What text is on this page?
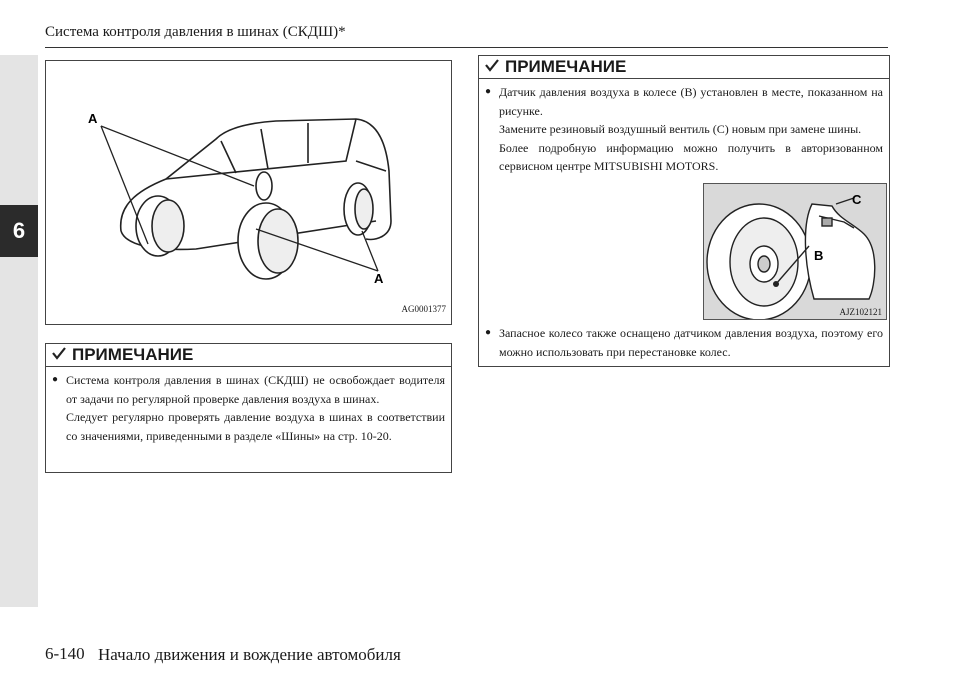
6
Система контроля давления в шинах (СКДШ)*
A
A
AG0001377
ПРИМЕЧАНИЕ
● Система контроля давления в шинах (СКДШ) не освобождает водителя от задачи по регулярной проверке давления воздуха в шинах.
Следует регулярно проверять давление воздуха в шинах в соответствии со значениями, приведенными в разделе «Шины» на стр. 10-20.
ПРИМЕЧАНИЕ
● Датчик давления воздуха в колесе (B) установлен в месте, показанном на рисунке.
Замените резиновый воздушный вентиль (C) новым при замене шины.
Более подробную информацию можно получить в авторизованном сервисном центре MITSUBISHI MOTORS.
B
C
AJZ102121
● Запасное колесо также оснащено датчиком давления воздуха, поэтому его можно использовать при перестановке колес.
6-140 Начало движения и вождение автомобиля
